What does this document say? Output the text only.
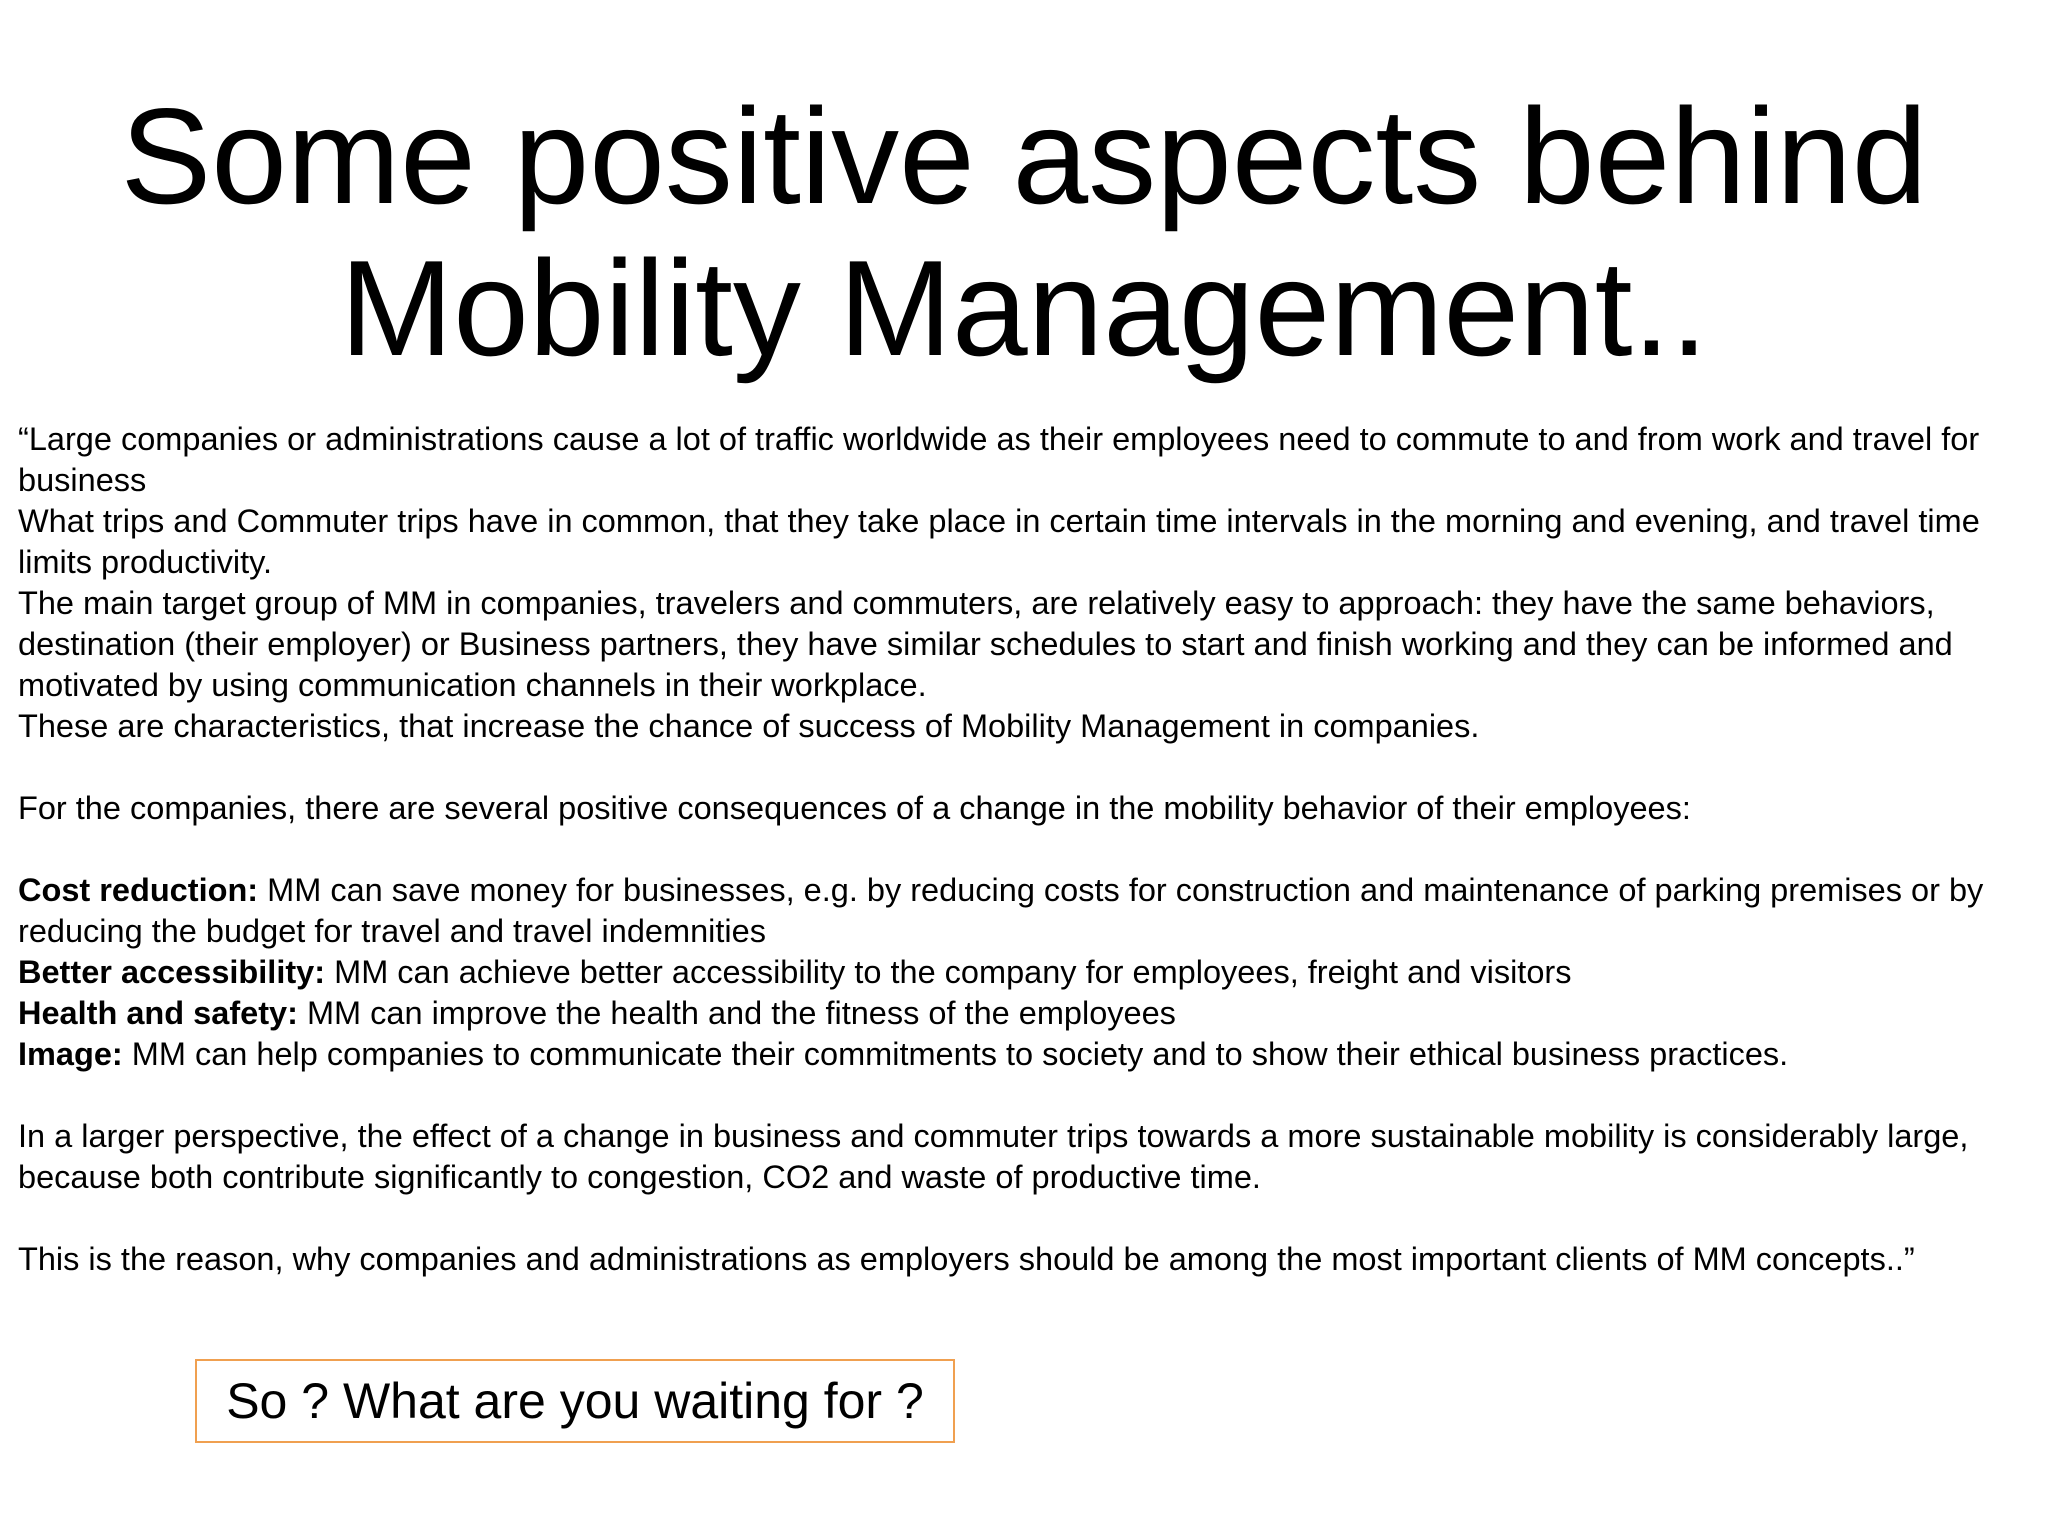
Some positive aspects behind
Mobility Management..

“Large companies or administrations cause a lot of traffic worldwide as their employees need to commute to and from work and travel for business

What trips and Commuter trips have in common, that they take place in certain time intervals in the morning and evening, and travel time limits productivity.

The main target group of MM in companies, travelers and commuters, are relatively easy to approach: they have the same behaviors, destination (their employer) or Business partners, they have similar schedules to start and finish working and they can be informed and motivated by using communication channels in their workplace.

These are characteristics, that increase the chance of success of Mobility Management in companies.

For the companies, there are several positive consequences of a change in the mobility behavior of their employees:

Cost reduction: MM can save money for businesses, e.g. by reducing costs for construction and maintenance of parking premises or by reducing the budget for travel and travel indemnities

Better accessibility: MM can achieve better accessibility to the company for employees, freight and visitors

Health and safety: MM can improve the health and the fitness of the employees

Image: MM can help companies to communicate their commitments to society and to show their ethical business practices.

In a larger perspective, the effect of a change in business and commuter trips towards a more sustainable mobility is considerably large, because both contribute significantly to congestion, CO2 and waste of productive time.

This is the reason, why companies and administrations as employers should be among the most important clients of MM concepts..”

So ? What are you waiting for ?
